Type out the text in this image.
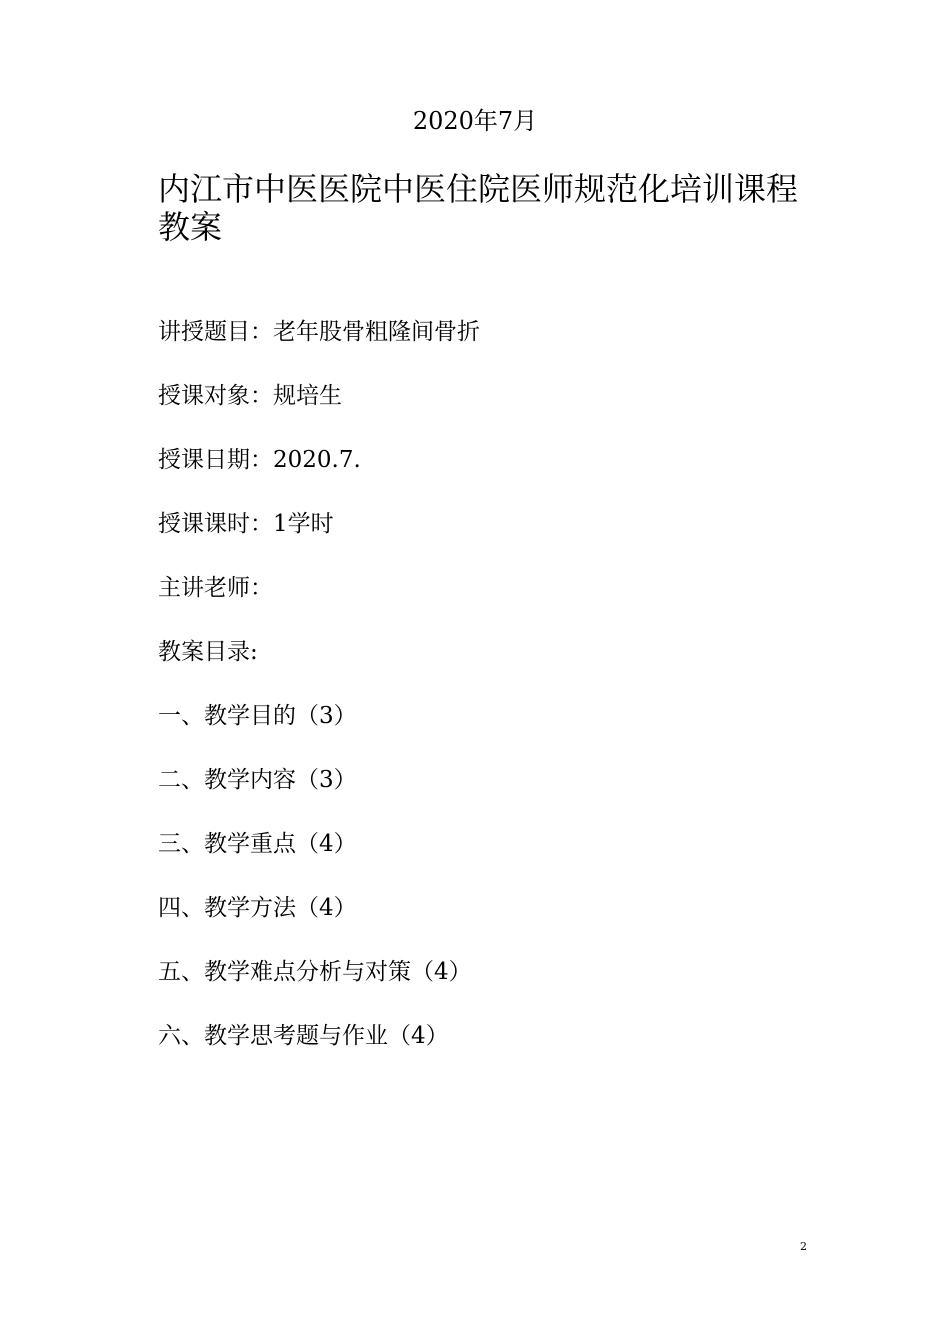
2020年7月
内江市中医医院中医住院医师规范化培训课程教案
讲授题目：老年股骨粗隆间骨折
授课对象：规培生
授课日期：2020.7.
授课课时：1学时
主讲老师：
教案目录:
一、教学目的（3）
二、教学内容（3）
三、教学重点（4）
四、教学方法（4）
五、教学难点分析与对策（4）
六、教学思考题与作业（4）
2
